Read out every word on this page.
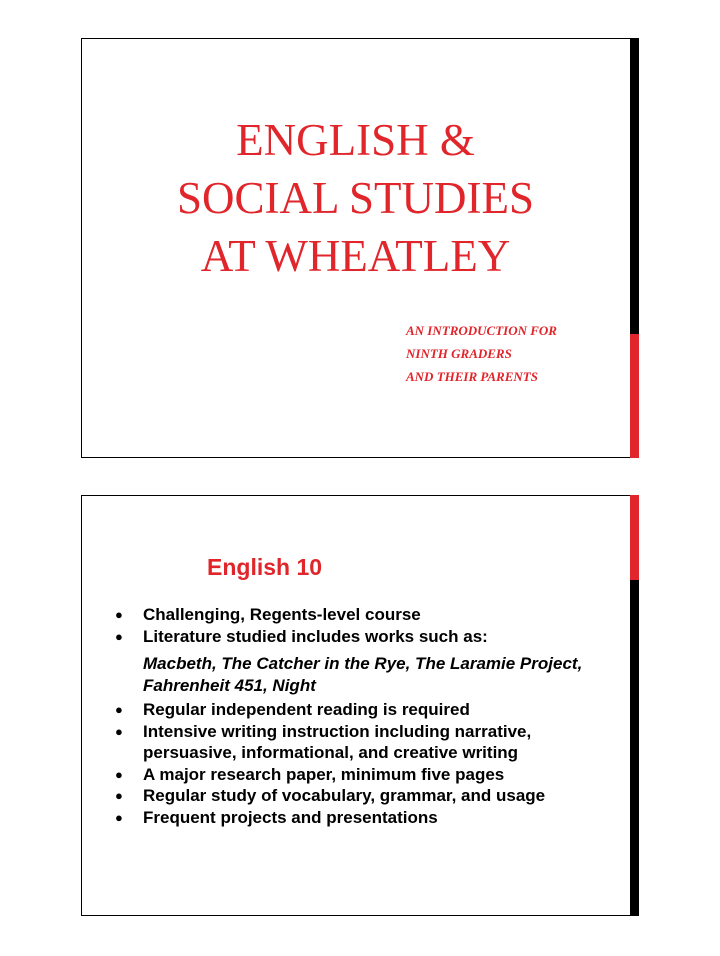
ENGLISH &
SOCIAL STUDIES
AT WHEATLEY
AN INTRODUCTION FOR
NINTH GRADERS
AND THEIR PARENTS
English 10
● Challenging, Regents-level course
● Literature studied includes works such as:
Macbeth, The Catcher in the Rye, The Laramie Project, Fahrenheit 451, Night
● Regular independent reading is required
● Intensive writing instruction including narrative, persuasive, informational, and creative writing
● A major research paper, minimum five pages
● Regular study of vocabulary, grammar, and usage
● Frequent projects and presentations
